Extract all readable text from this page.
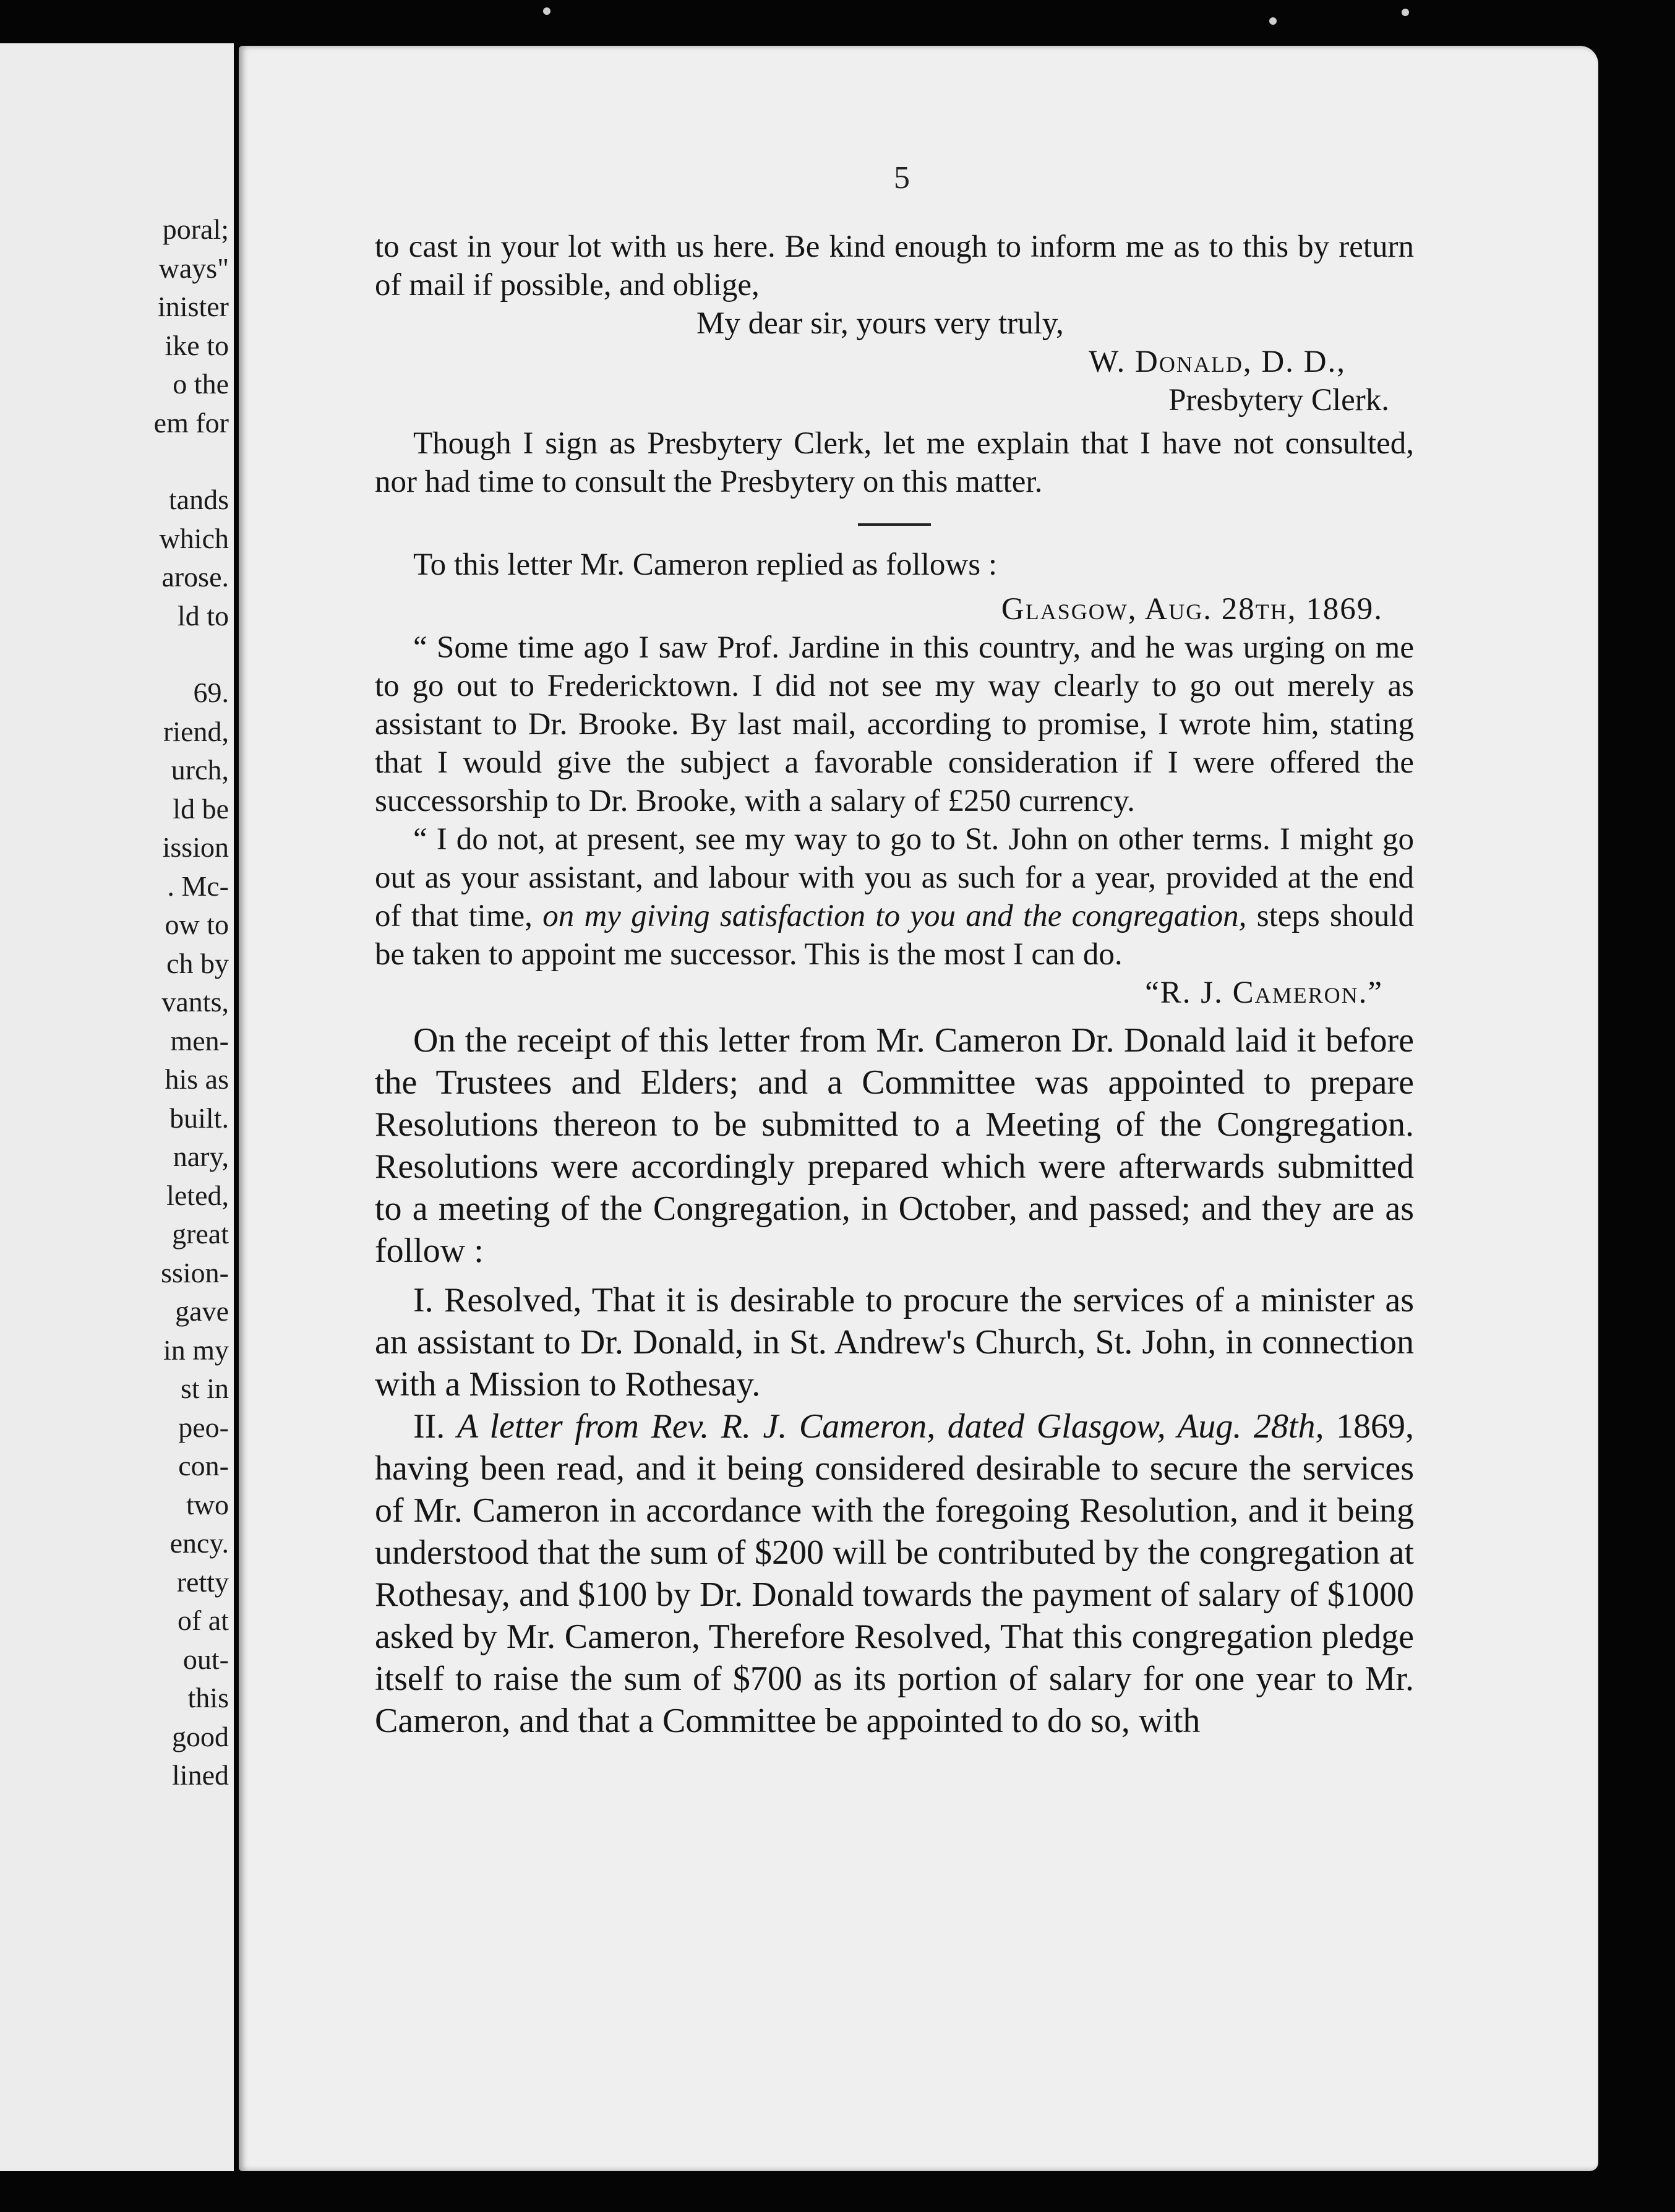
poral;
ways"
inister
ike to
o the
em for
tands
which
arose.
ld to
69.
riend,
urch,
ld be
ission
. Mc-
ow to
ch by
vants,
men-
his as
built.
nary,
leted,
great
ssion-
gave
in my
st in
peo-
con-
two
ency.
retty
of at
out-
this
good
lined
5

to cast in your lot with us here. Be kind enough to inform me as to this by return of mail if possible, and oblige,

My dear sir, yours very truly,

W. Donald, D. D.,

Presbytery Clerk.

Though I sign as Presbytery Clerk, let me explain that I have not consulted, nor had time to consult the Presbytery on this matter.

To this letter Mr. Cameron replied as follows :

Glasgow, Aug. 28th, 1869.

“ Some time ago I saw Prof. Jardine in this country, and he was urging on me to go out to Fredericktown. I did not see my way clearly to go out merely as assistant to Dr. Brooke. By last mail, according to promise, I wrote him, stating that I would give the subject a favorable consideration if I were offered the successorship to Dr. Brooke, with a salary of £250 currency.

“ I do not, at present, see my way to go to St. John on other terms. I might go out as your assistant, and labour with you as such for a year, provided at the end of that time, on my giving satisfaction to you and the congregation, steps should be taken to appoint me successor. This is the most I can do.

“R. J. Cameron.”

On the receipt of this letter from Mr. Cameron Dr. Donald laid it before the Trustees and Elders; and a Committee was appointed to prepare Resolutions thereon to be submitted to a Meeting of the Congregation. Resolutions were accordingly prepared which were afterwards submitted to a meeting of the Congregation, in October, and passed; and they are as follow :

I. Resolved, That it is desirable to procure the services of a minister as an assistant to Dr. Donald, in St. Andrew's Church, St. John, in connection with a Mission to Rothesay.

II. A letter from Rev. R. J. Cameron, dated Glasgow, Aug. 28th, 1869, having been read, and it being considered desirable to secure the services of Mr. Cameron in accordance with the foregoing Resolution, and it being understood that the sum of $200 will be contributed by the congregation at Rothesay, and $100 by Dr. Donald towards the payment of salary of $1000 asked by Mr. Cameron, Therefore Resolved, That this congregation pledge itself to raise the sum of $700 as its portion of salary for one year to Mr. Cameron, and that a Committee be appointed to do so, with
